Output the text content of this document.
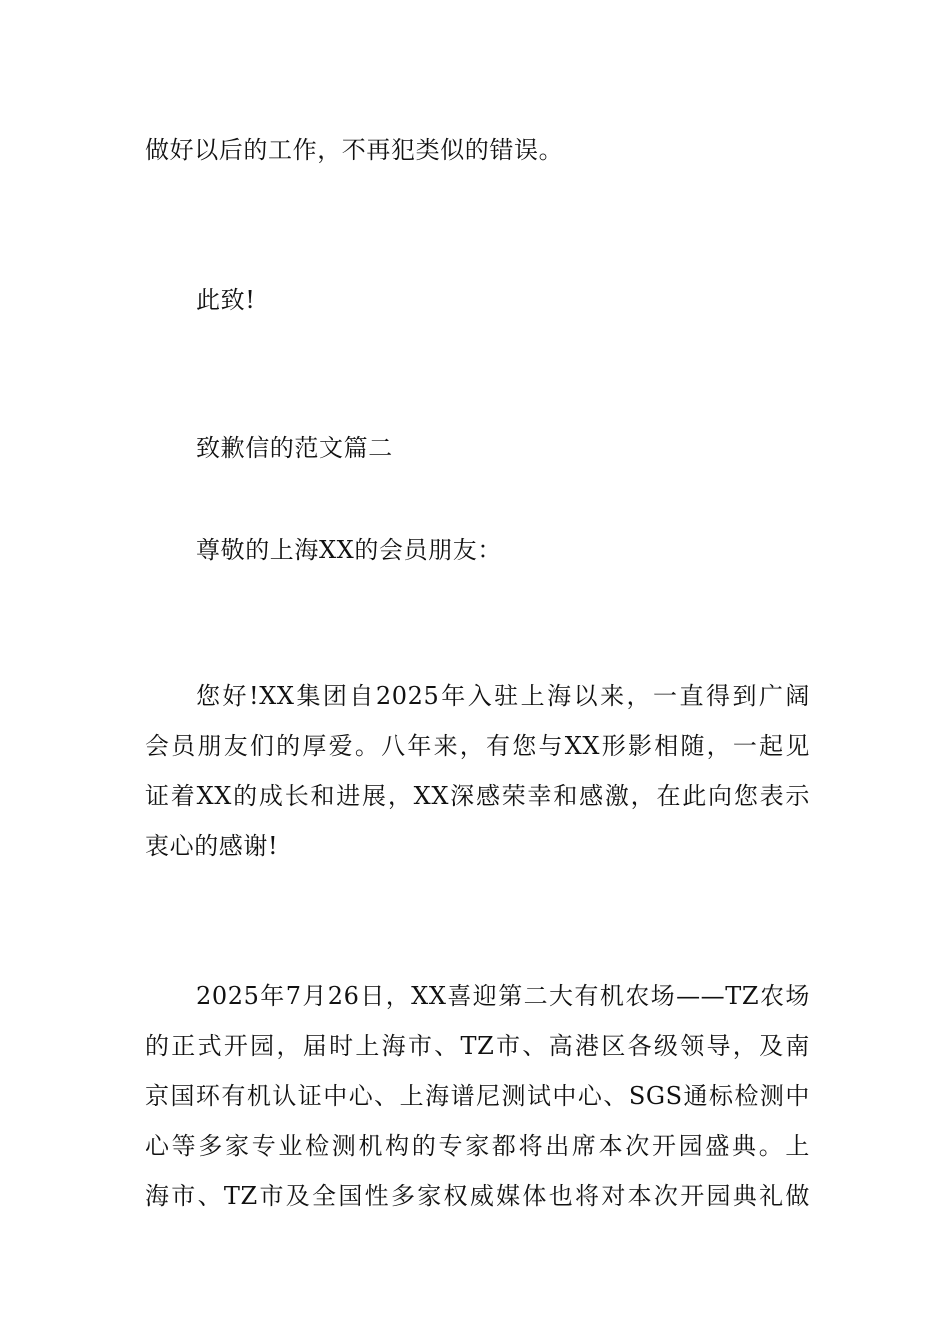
做好以后的工作，不再犯类似的错误。
此致!
致歉信的范文篇二
尊敬的上海XX的会员朋友：
您好!XX集团自2025年入驻上海以来，一直得到广阔
会员朋友们的厚爱。八年来，有您与XX形影相随，一起见
证着XX的成长和进展，XX深感荣幸和感激，在此向您表示
衷心的感谢!
2025年7月26日，XX喜迎第二大有机农场——TZ农场
的正式开园，届时上海市、TZ市、高港区各级领导，及南
京国环有机认证中心、上海谱尼测试中心、SGS通标检测中
心等多家专业检测机构的专家都将出席本次开园盛典。上
海市、TZ市及全国性多家权威媒体也将对本次开园典礼做
